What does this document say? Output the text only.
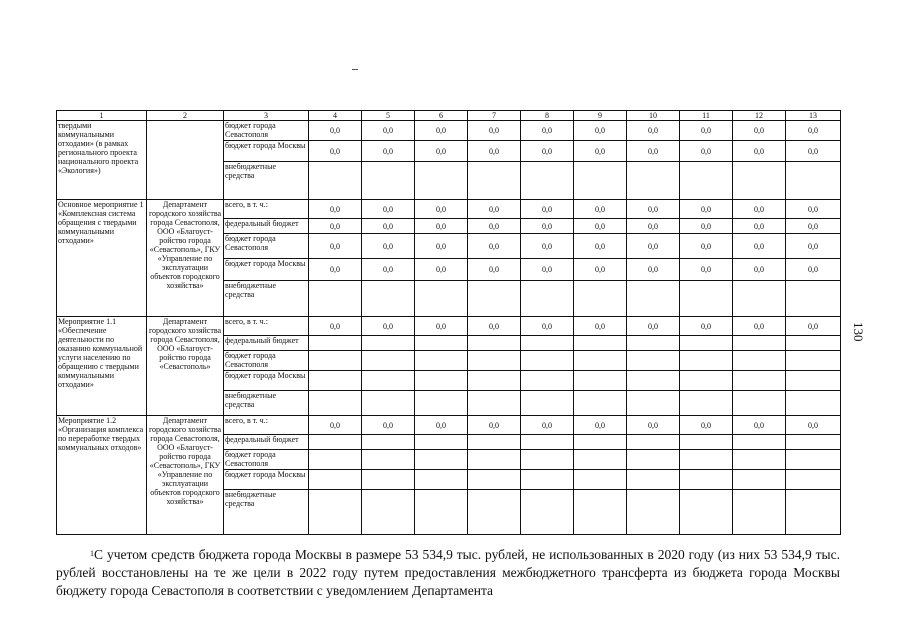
130
1	2	3	4	5	6	7	8	9	10	11	12	13
твердыми коммунальными отходами» (в рамках регионального проекта национального проекта «Экология»)		бюджет города Севастополя	0,0	0,0	0,0	0,0	0,0	0,0	0,0	0,0	0,0	0,0
		бюджет города Москвы	0,0	0,0	0,0	0,0	0,0	0,0	0,0	0,0	0,0	0,0
		внебюджетные средства										
Основное мероприятие 1 «Комплексная система обращения с твердыми коммунальными отходами»	Департамент городского хозяйства города Севастополя, ООО «Благоуст-ройство города «Севастополь», ГКУ «Управление по эксплуатации объектов городского хозяйства»	всего, в т. ч.:	0,0	0,0	0,0	0,0	0,0	0,0	0,0	0,0	0,0	0,0
		федеральный бюджет	0,0	0,0	0,0	0,0	0,0	0,0	0,0	0,0	0,0	0,0
		бюджет города Севастополя	0,0	0,0	0,0	0,0	0,0	0,0	0,0	0,0	0,0	0,0
		бюджет города Москвы	0,0	0,0	0,0	0,0	0,0	0,0	0,0	0,0	0,0	0,0
		внебюджетные средства										
Мероприятие 1.1 «Обеспечение деятельности по оказанию коммунальной услуги населению по обращению с твердыми коммунальными отходами»	Департамент городского хозяйства города Севастополя, ООО «Благоуст-ройство города «Севастополь»	всего, в т. ч.:	0,0	0,0	0,0	0,0	0,0	0,0	0,0	0,0	0,0	0,0
		федеральный бюджет										
		бюджет города Севастополя										
		бюджет города Москвы										
		внебюджетные средства										
Мероприятие 1.2 «Организация комплекса по переработке твердых коммунальных отходов»	Департамент городского хозяйства города Севастополя, ООО «Благоуст-ройство города «Севастополь», ГКУ «Управление по эксплуатации объектов городского хозяйства»	всего, в т. ч.:	0,0	0,0	0,0	0,0	0,0	0,0	0,0	0,0	0,0	0,0
		федеральный бюджет										
		бюджет города Севастополя										
		бюджет города Москвы										
		внебюджетные средства										
$^1$С учетом средств бюджета города Москвы в размере 53 534,9 тыс. рублей, не использованных в 2020 году (из них 53 534,9 тыс. рублей восстановлены на те же цели в 2022 году путем предоставления межбюджетного трансферта из бюджета города Москвы бюджету города Севастополя в соответствии с уведомлением Департамента
